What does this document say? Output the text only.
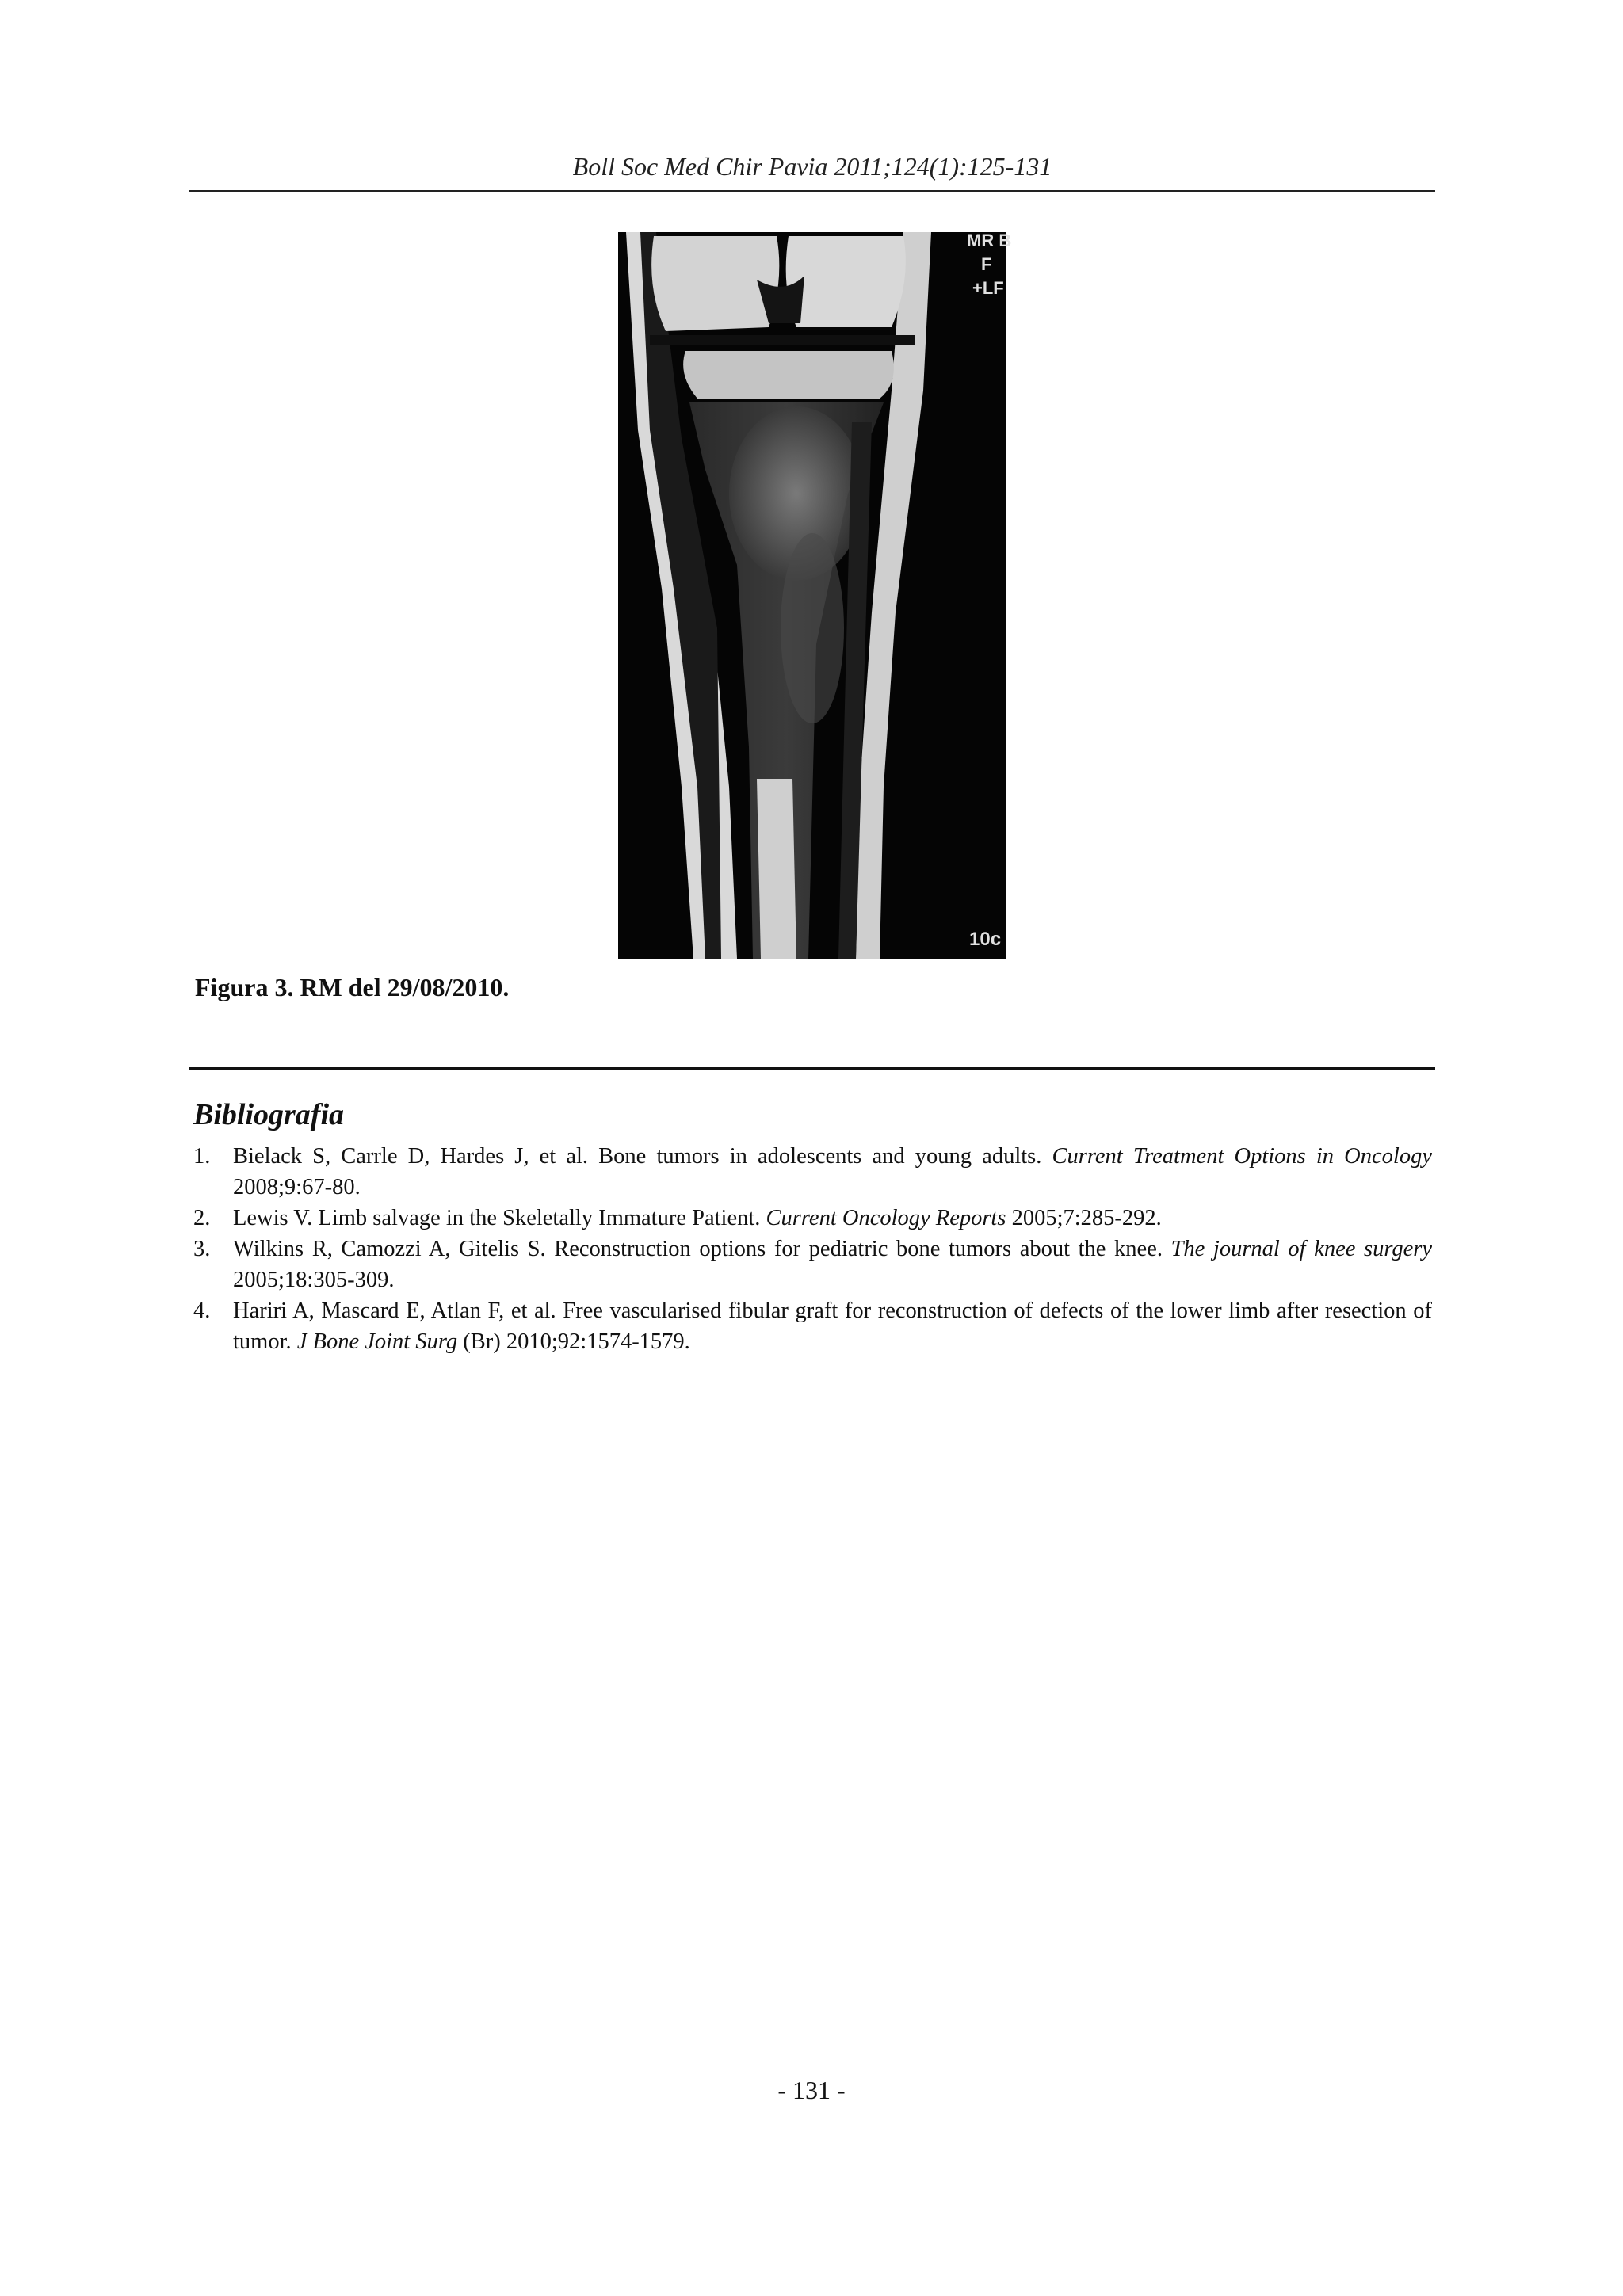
Boll Soc Med Chir Pavia 2011;124(1):125-131
MR B
F
+LF
10c
Figura 3. RM del 29/08/2010.
Bibliografia
1. Bielack S, Carrle D, Hardes J, et al. Bone tumors in adolescents and young adults. Current Treatment Options in Oncology 2008;9:67-80.
2. Lewis V. Limb salvage in the Skeletally Immature Patient. Current Oncology Reports 2005;7:285-292.
3. Wilkins R, Camozzi A, Gitelis S. Reconstruction options for pediatric bone tumors about the knee. The journal of knee surgery 2005;18:305-309.
4. Hariri A, Mascard E, Atlan F, et al. Free vascularised fibular graft for reconstruction of defects of the lower limb after resection of tumor. J Bone Joint Surg (Br) 2010;92:1574-1579.
- 131 -
